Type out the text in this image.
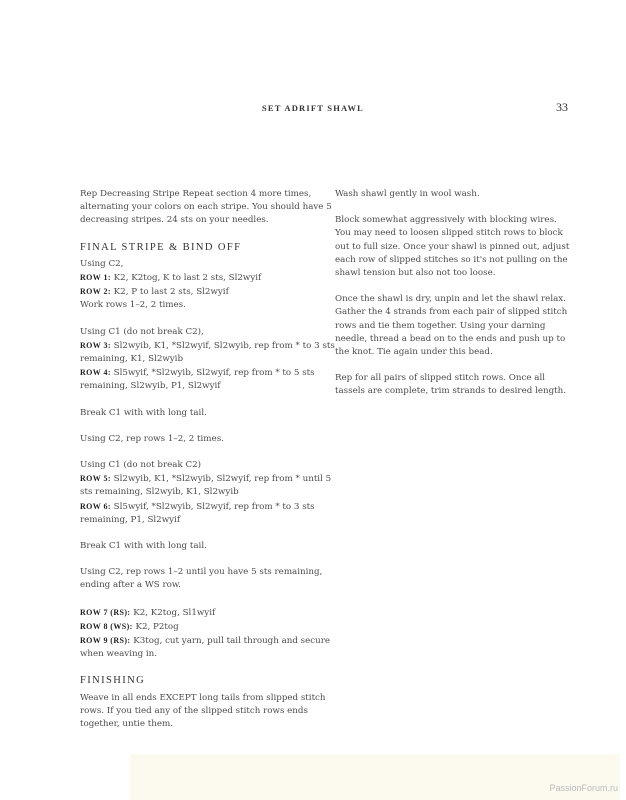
SET ADRIFT SHAWL	33

Rep Decreasing Stripe Repeat section 4 more times, alternating your colors on each stripe. You should have 5 decreasing stripes. 24 sts on your needles.

FINAL STRIPE & BIND OFF

Using C2,

ROW 1: K2, K2tog, K to last 2 sts, Sl2wyif

ROW 2: K2, P to last 2 sts, Sl2wyif

Work rows 1–2, 2 times.

Using C1 (do not break C2),

ROW 3: Sl2wyib, K1, *Sl2wyif, Sl2wyib, rep from * to 3 sts remaining, K1, Sl2wyib

ROW 4: Sl5wyif, *Sl2wyib, Sl2wyif, rep from * to 5 sts remaining, Sl2wyib, P1, Sl2wyif

Break C1 with with long tail.

Using C2, rep rows 1–2, 2 times.

Using C1 (do not break C2)

ROW 5: Sl2wyib, K1, *Sl2wyib, Sl2wyif, rep from * until 5 sts remaining, Sl2wyib, K1, Sl2wyib

ROW 6: Sl5wyif, *Sl2wyib, Sl2wyif, rep from * to 3 sts remaining, P1, Sl2wyif

Break C1 with with long tail.

Using C2, rep rows 1–2 until you have 5 sts remaining, ending after a WS row.

ROW 7 (RS): K2, K2tog, Sl1wyif

ROW 8 (WS): K2, P2tog

ROW 9 (RS): K3tog, cut yarn, pull tail through and secure when weaving in.

FINISHING

Weave in all ends EXCEPT long tails from slipped stitch rows. If you tied any of the slipped stitch rows ends together, untie them.

Wash shawl gently in wool wash.

Block somewhat aggressively with blocking wires. You may need to loosen slipped stitch rows to block out to full size. Once your shawl is pinned out, adjust each row of slipped stitches so it's not pulling on the shawl tension but also not too loose.

Once the shawl is dry, unpin and let the shawl relax. Gather the 4 strands from each pair of slipped stitch rows and tie them together. Using your darning needle, thread a bead on to the ends and push up to the knot. Tie again under this bead.

Rep for all pairs of slipped stitch rows. Once all tassels are complete, trim strands to desired length.

PassionForum.ru
